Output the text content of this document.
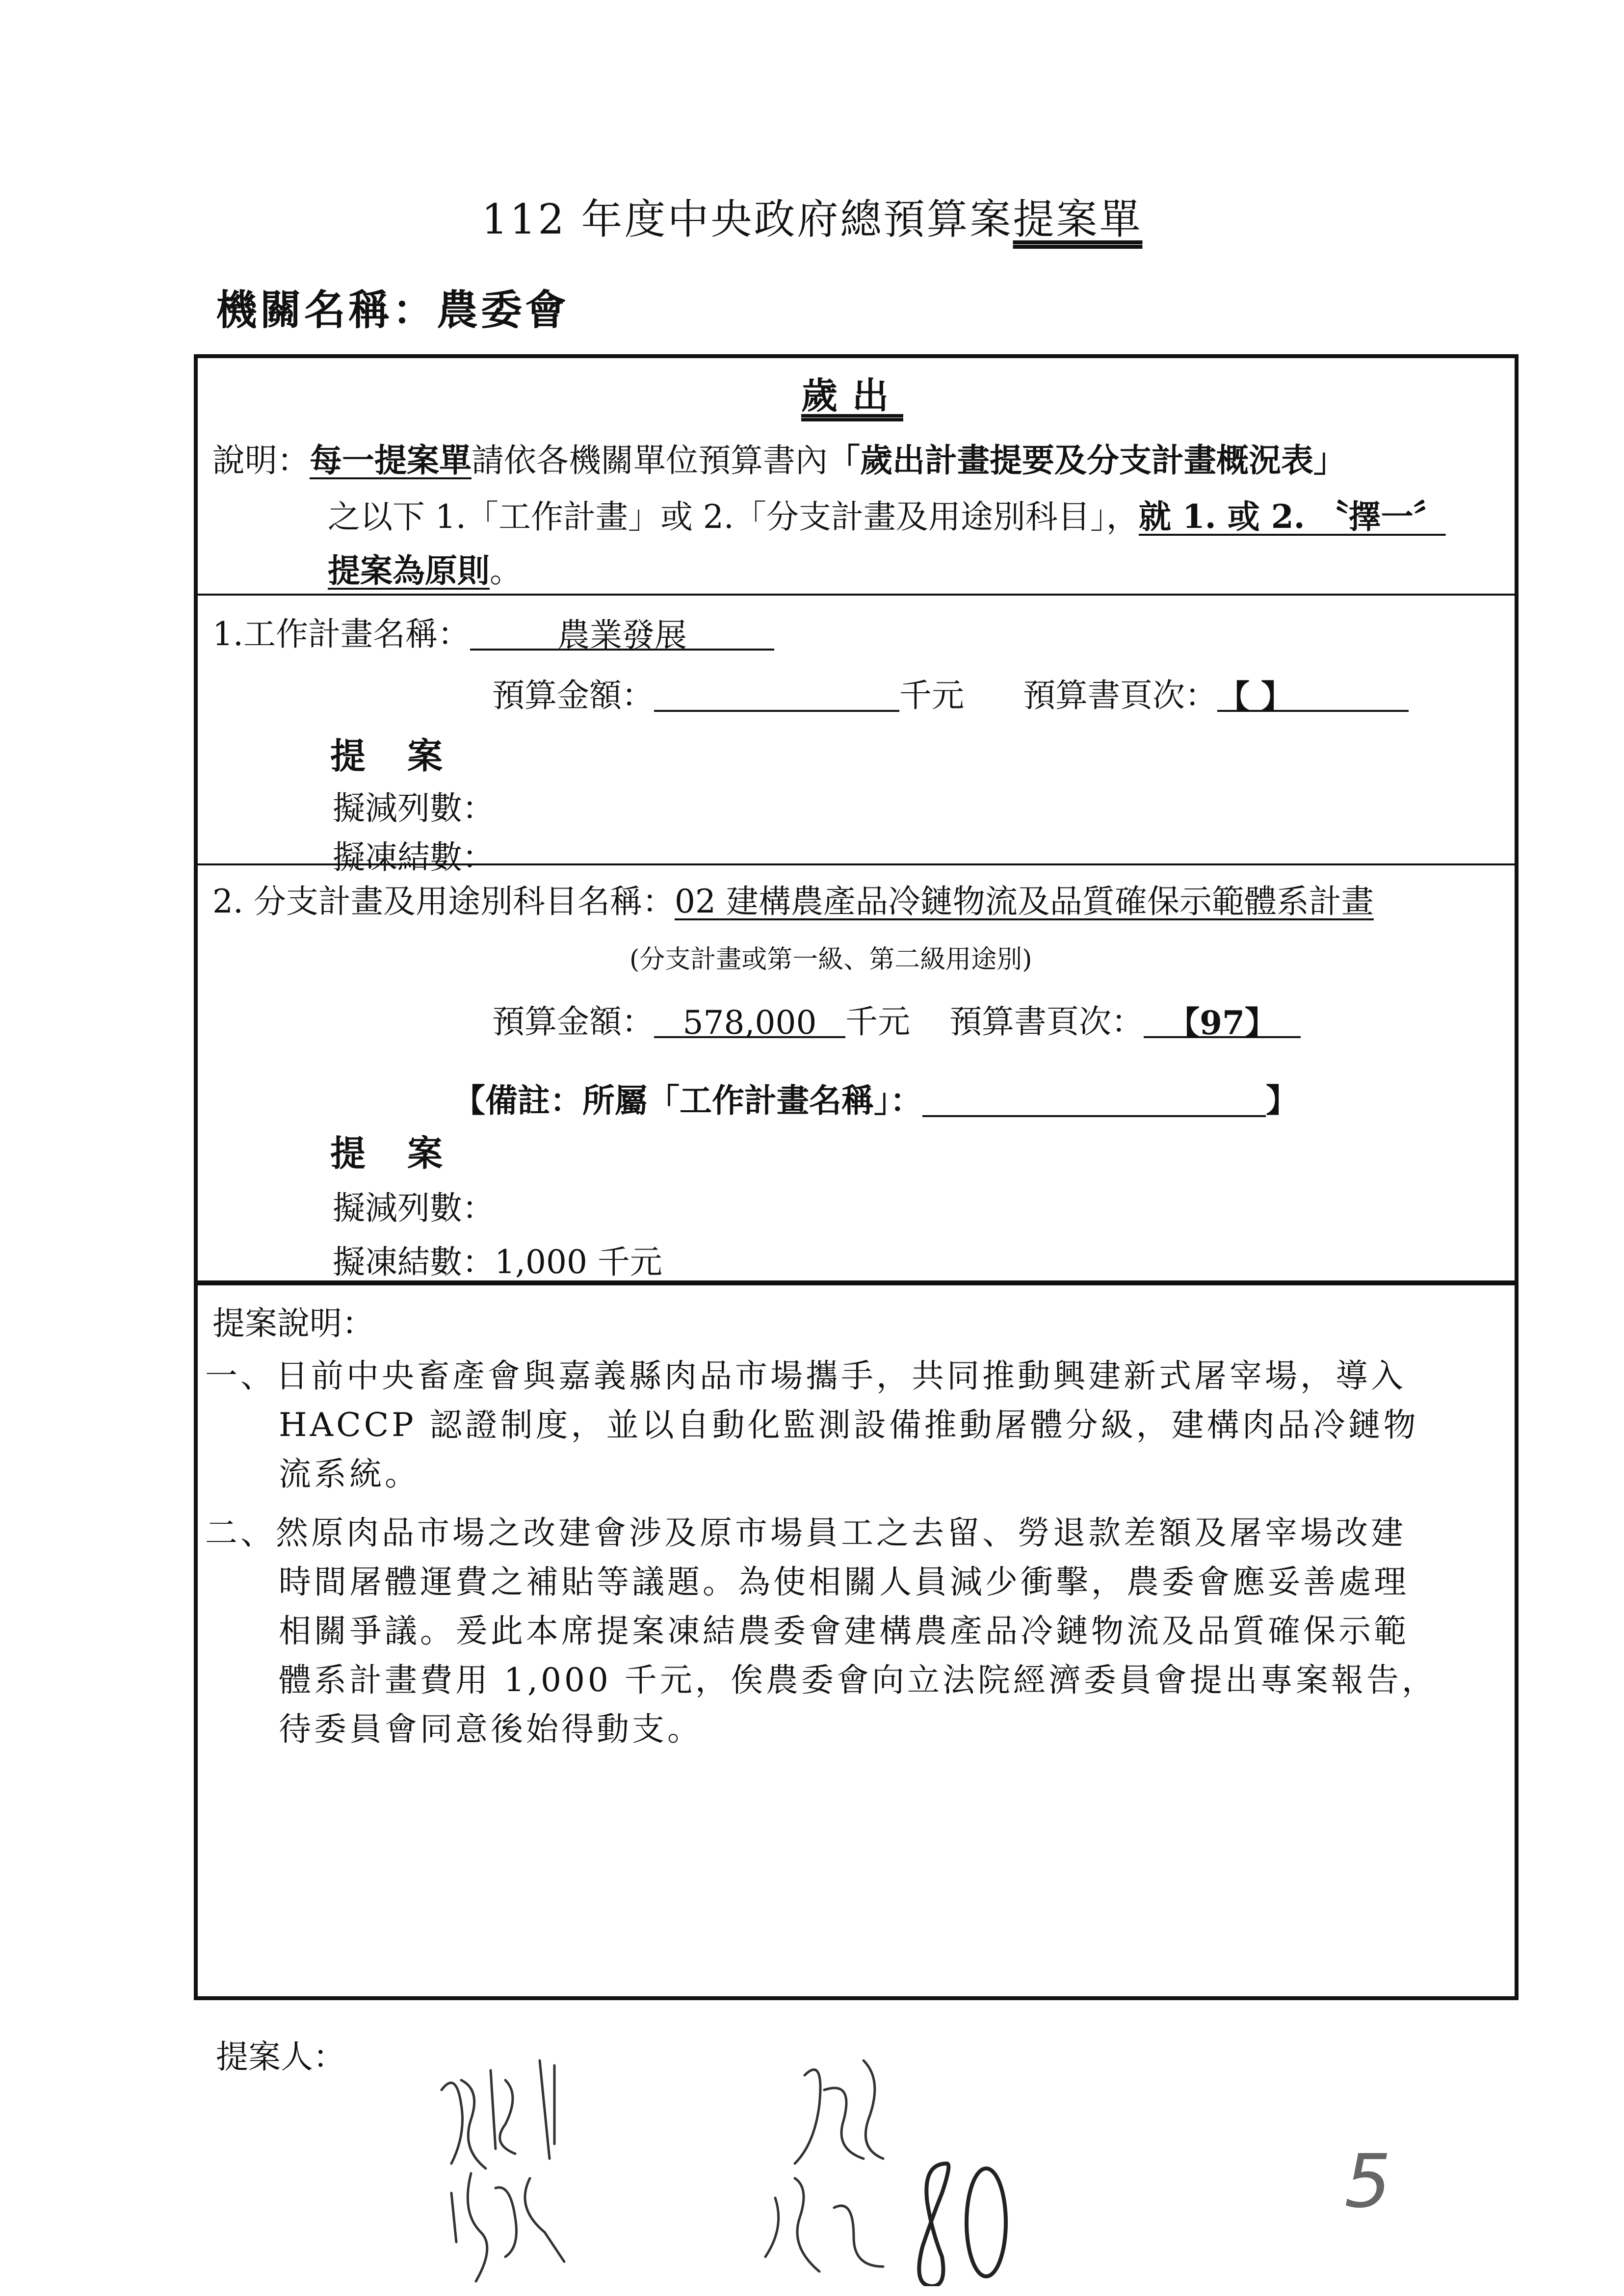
112 年度中央政府總預算案提案單
機關名稱：農委會
歲出
說明：每一提案單請依各機關單位預算書內「歲出計畫提要及分支計畫概況表」
之以下 1.「工作計畫」或 2.「分支計畫及用途別科目」，就 1. 或 2. 〝擇一〞
提案為原則。
1.工作計畫名稱：	農業發展
預算金額：	千元 預算書頁次：【 】
提 案
擬減列數：
擬凍結數：
2. 分支計畫及用途別科目名稱：02 建構農產品冷鏈物流及品質確保示範體系計畫
(分支計畫或第一級、第二級用途別)
預算金額： 578,000 千元 預算書頁次： 【97】
【備註：所屬「工作計畫名稱」：	】
提 案
擬減列數：
擬凍結數：1,000 千元
提案說明：
一、日前中央畜產會與嘉義縣肉品市場攜手，共同推動興建新式屠宰場，導入
HACCP 認證制度，並以自動化監測設備推動屠體分級，建構肉品冷鏈物
流系統。
二、然原肉品市場之改建會涉及原市場員工之去留、勞退款差額及屠宰場改建
時間屠體運費之補貼等議題。為使相關人員減少衝擊，農委會應妥善處理
相關爭議。爰此本席提案凍結農委會建構農產品冷鏈物流及品質確保示範
體系計畫費用 1,000 千元，俟農委會向立法院經濟委員會提出專案報告，
待委員會同意後始得動支。
提案人：
5
